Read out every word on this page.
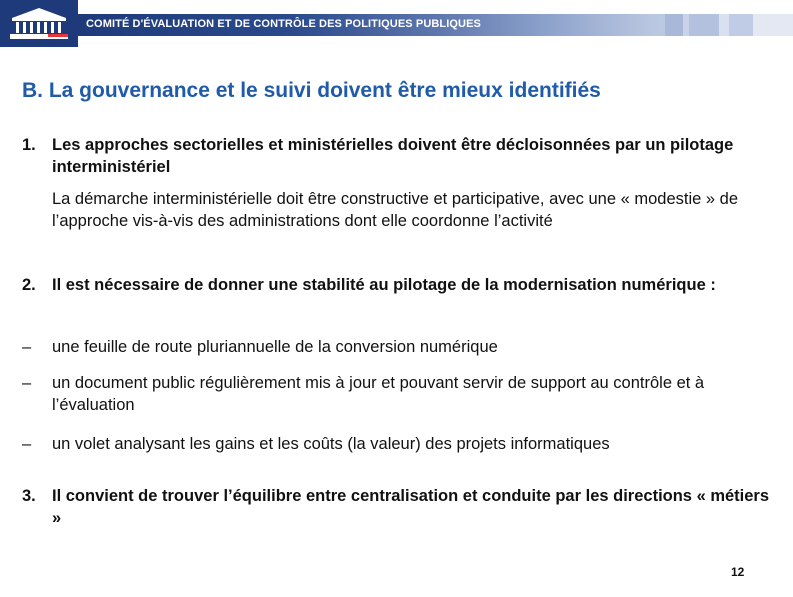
COMITÉ D'ÉVALUATION ET DE CONTRÔLE DES POLITIQUES PUBLIQUES
B. La gouvernance et le suivi doivent être mieux identifiés
1. Les approches sectorielles et ministérielles doivent être décloisonnées par un pilotage interministériel
La démarche interministérielle doit être constructive et participative, avec une « modestie » de l’approche vis-à-vis des administrations dont elle coordonne l’activité
2. Il est nécessaire de donner une stabilité au pilotage de la modernisation numérique :
– une feuille de route pluriannuelle de la conversion numérique
– un document public régulièrement mis à jour et pouvant servir de support au contrôle et à l’évaluation
– un volet analysant les gains et les coûts (la valeur) des projets informatiques
3. Il convient de trouver l’équilibre entre centralisation et conduite par les directions « métiers »
12
